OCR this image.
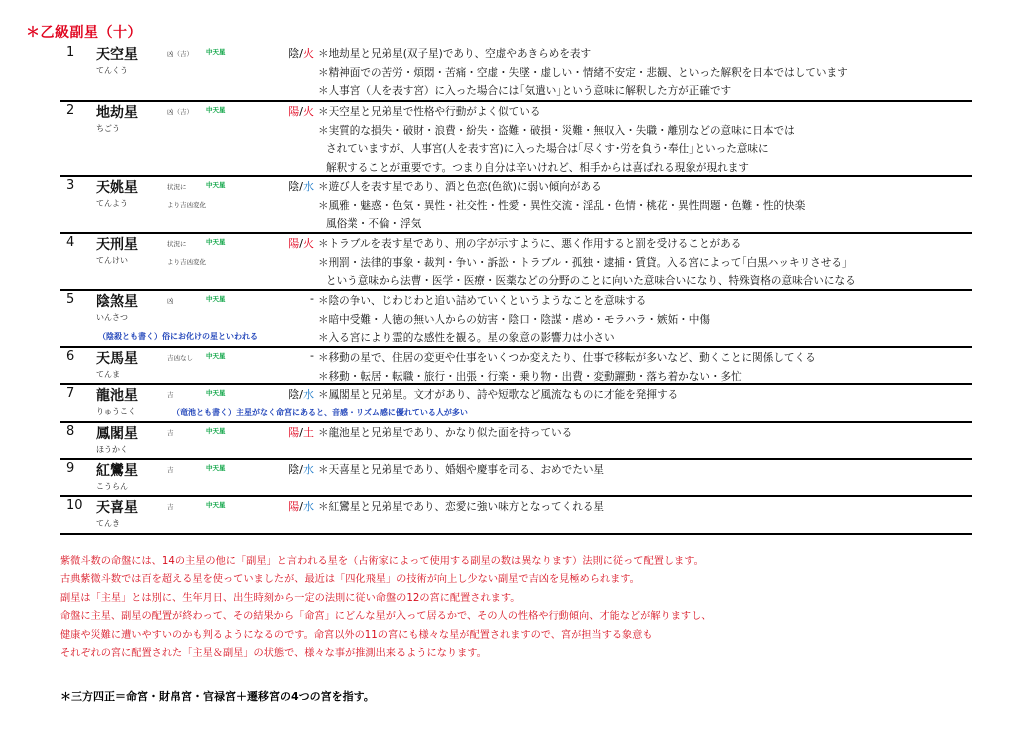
＊乙級副星（十）
1	天空星
てんくう
凶（吉） 中天星	陰/火 ＊地劫星と兄弟星(双子星)であり、空虚やあきらめを表す
＊精神面での苦労・煩悶・苦痛・空虚・失墜・虚しい・情緒不安定・悲観、といった解釈を日本ではしています
＊人事宮（人を表す宮）に入った場合には｢気遣い｣という意味に解釈した方が正確です
2	地劫星
ちごう
凶（吉） 中天星	陽/火 ＊天空星と兄弟星で性格や行動がよく似ている
＊実質的な損失・破財・浪費・紛失・盗難・破損・災難・無収入・失職・離別などの意味に日本では
されていますが、人事宮(人を表す宮)に入った場合は｢尽くす･労を負う･奉仕｣といった意味に
解釈することが重要です。つまり自分は辛いけれど、相手からは喜ばれる現象が現れます
3	天姚星
てんよう
状況に
より吉凶変化
中天星	陰/水 ＊遊び人を表す星であり、酒と色恋(色欲)に弱い傾向がある
＊風雅・魅惑・色気・異性・社交性・性愛・異性交流・淫乱・色情・桃花・異性問題・色難・性的快楽
風俗業・不倫・浮気
4	天刑星
てんけい
状況に
より吉凶変化
中天星	陽/火 ＊トラブルを表す星であり、刑の字が示すように、悪く作用すると罰を受けることがある
＊刑罰・法律的事象・裁判・争い・訴訟・トラブル・孤独・逮捕・賃貸。入る宮によって｢白黒ハッキリさせる｣
という意味から法曹・医学・医療・医薬などの分野のことに向いた意味合いになり、特殊資格の意味合いになる
5	陰煞星
いんさつ
凶	中天星	- ＊陰の争い、じわじわと追い詰めていくというようなことを意味する
＊暗中受難・人徳の無い人からの妨害・陰口・陰謀・虐め・モラハラ・嫉妬・中傷
＊入る宮により霊的な感性を観る。星の象意の影響力は小さい
（陰殺とも書く）俗にお化けの星といわれる
6	天馬星
てんま
吉凶なし 中天星	- ＊移動の星で、住居の変更や仕事をいくつか変えたり、仕事で移転が多いなど、動くことに関係してくる
＊移動・転居・転職・旅行・出張・行楽・乗り物・出費・変動躍動・落ち着かない・多忙
7	龍池星
りゅうこく
吉	中天星	陰/水 ＊鳳閣星と兄弟星。文才があり、詩や短歌など風流なものに才能を発揮する
（竜池とも書く）主星がなく命宮にあると、音感・リズム感に優れている人が多い
8	鳳閣星
ほうかく
吉	中天星	陽/土 ＊龍池星と兄弟星であり、かなり似た面を持っている
9	紅鸞星
こうらん
吉	中天星	陰/水 ＊天喜星と兄弟星であり、婚姻や慶事を司る、おめでたい星
10 天喜星
てんき
吉	中天星	陽/水 ＊紅鸞星と兄弟星であり、恋愛に強い味方となってくれる星
紫微斗数の命盤には、14の主星の他に「副星」と言われる星を（占術家によって使用する副星の数は異なります）法則に従って配置します。
古典紫微斗数では百を超える星を使っていましたが、最近は「四化飛星」の技術が向上し少ない副星で吉凶を見極められます。
副星は「主星」とは別に、生年月日、出生時刻から一定の法則に従い命盤の12の宮に配置されます。
命盤に主星、副星の配置が終わって、その結果から「命宮」にどんな星が入って居るかで、その人の性格や行動傾向、才能などが解りますし、
健康や災難に遭いやすいのかも判るようになるのです。命宮以外の11の宮にも様々な星が配置されますので、宮が担当する象意も
それぞれの宮に配置された「主星＆副星」の状態で、様々な事が推測出来るようになります。
＊三方四正＝命宮・財帛宮・官禄宮＋遷移宮の4つの宮を指す。
